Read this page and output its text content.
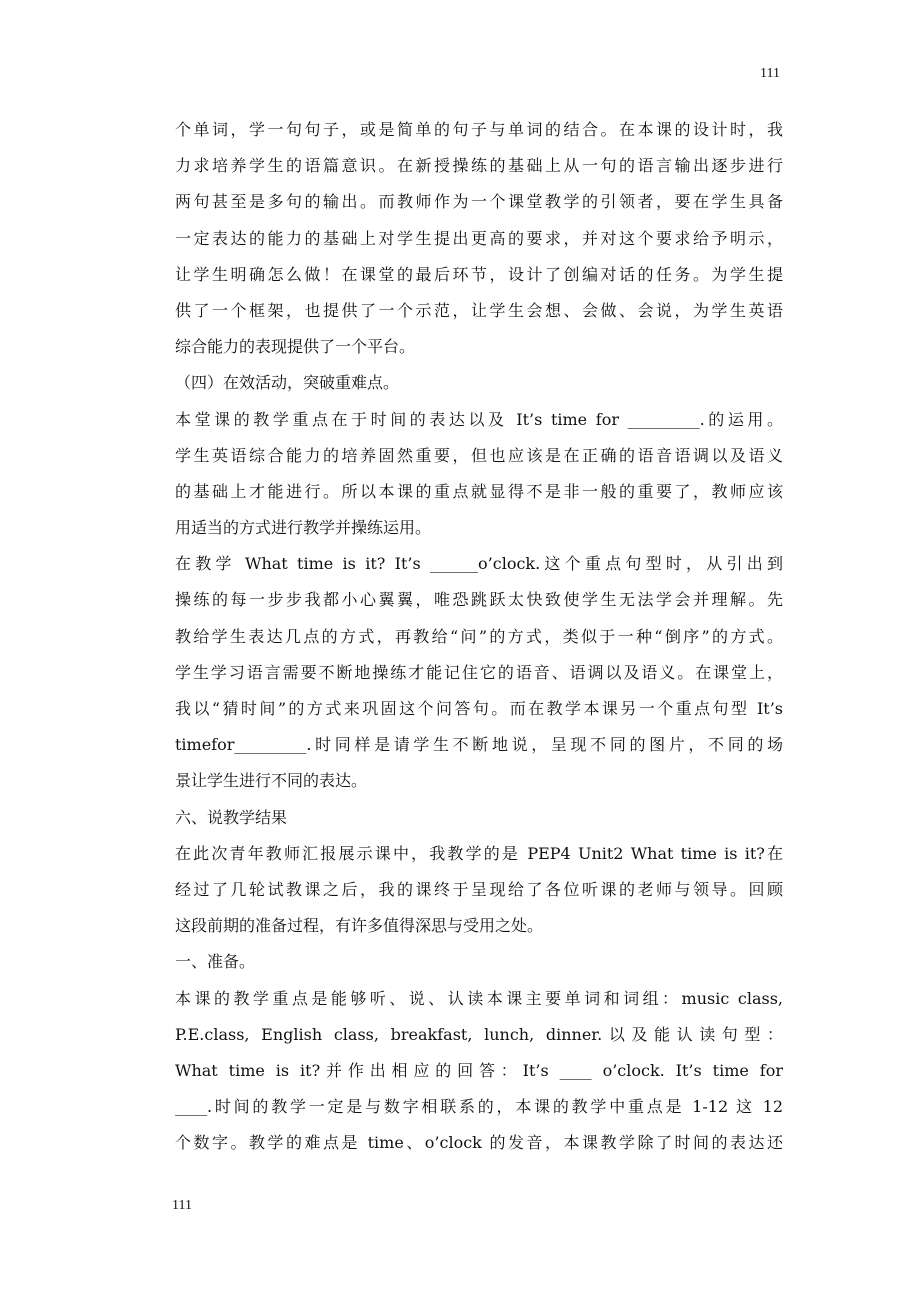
111
个单词，学一句句子，或是简单的句子与单词的结合。在本课的设计时，我
力求培养学生的语篇意识。在新授操练的基础上从一句的语言输出逐步进行
两句甚至是多句的输出。而教师作为一个课堂教学的引领者，要在学生具备
一定表达的能力的基础上对学生提出更高的要求，并对这个要求给予明示，
让学生明确怎么做！在课堂的最后环节，设计了创编对话的任务。为学生提
供了一个框架，也提供了一个示范，让学生会想、会做、会说，为学生英语
综合能力的表现提供了一个平台。
（四）在效活动，突破重难点。
本堂课的教学重点在于时间的表达以及 It’s time for _________.的运用。
学生英语综合能力的培养固然重要，但也应该是在正确的语音语调以及语义
的基础上才能进行。所以本课的重点就显得不是非一般的重要了，教师应该
用适当的方式进行教学并操练运用。
在教学 What time is it? It’s ______o’clock.这个重点句型时，从引出到
操练的每一步步我都小心翼翼，唯恐跳跃太快致使学生无法学会并理解。先
教给学生表达几点的方式，再教给“问”的方式，类似于一种“倒序”的方式。
学生学习语言需要不断地操练才能记住它的语音、语调以及语义。在课堂上，
我以“猜时间”的方式来巩固这个问答句。而在教学本课另一个重点句型 It’s
timefor_________.时同样是请学生不断地说，呈现不同的图片，不同的场
景让学生进行不同的表达。
六、说教学结果
在此次青年教师汇报展示课中，我教学的是 PEP4 Unit2 What time is it?在
经过了几轮试教课之后，我的课终于呈现给了各位听课的老师与领导。回顾
这段前期的准备过程，有许多值得深思与受用之处。
一、准备。
本课的教学重点是能够听、说、认读本课主要单词和词组：music class,
P.E.class, English class, breakfast, lunch, dinner.以及能认读句型：
What time is it?并作出相应的回答：It’s ____ o’clock. It’s time for
____.时间的教学一定是与数字相联系的，本课的教学中重点是 1-12 这 12
个数字。教学的难点是 time、o’clock 的发音，本课教学除了时间的表达还
111
